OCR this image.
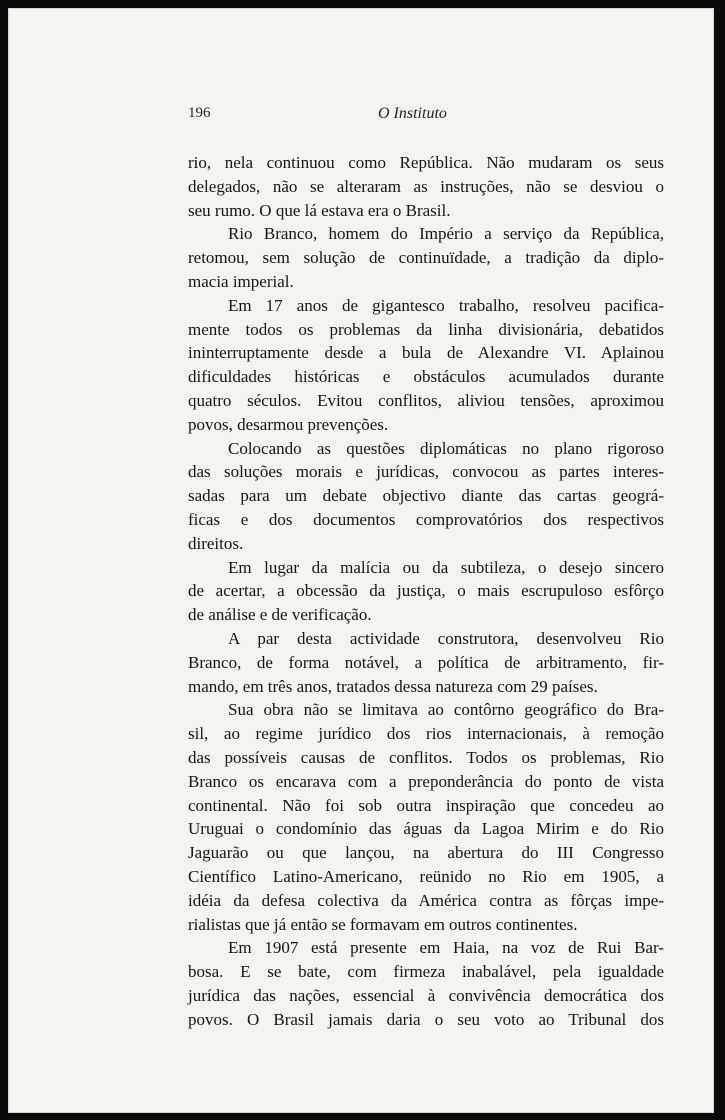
196	O Instituto
rio, nela continuou como República. Não mudaram os seus
delegados, não se alteraram as instruções, não se desviou o
seu rumo. O que lá estava era o Brasil.
Rio Branco, homem do Império a serviço da República,
retomou, sem solução de continuïdade, a tradição da diplo-
macia imperial.
Em 17 anos de gigantesco trabalho, resolveu pacifica-
mente todos os problemas da linha divisionária, debatidos
ininterruptamente desde a bula de Alexandre VI. Aplainou
dificuldades históricas e obstáculos acumulados durante
quatro séculos. Evitou conflitos, aliviou tensões, aproximou
povos, desarmou prevenções.
Colocando as questões diplomáticas no plano rigoroso
das soluções morais e jurídicas, convocou as partes interes-
sadas para um debate objectivo diante das cartas geográ-
ficas e dos documentos comprovatórios dos respectivos
direitos.
Em lugar da malícia ou da subtileza, o desejo sincero
de acertar, a obcessão da justiça, o mais escrupuloso esfôrço
de análise e de verificação.
A par desta actividade construtora, desenvolveu Rio
Branco, de forma notável, a política de arbitramento, fir-
mando, em três anos, tratados dessa natureza com 29 países.
Sua obra não se limitava ao contôrno geográfico do Bra-
sil, ao regime jurídico dos rios internacionais, à remoção
das possíveis causas de conflitos. Todos os problemas, Rio
Branco os encarava com a preponderância do ponto de vista
continental. Não foi sob outra inspiração que concedeu ao
Uruguai o condomínio das águas da Lagoa Mirim e do Rio
Jaguarão ou que lançou, na abertura do III Congresso
Científico Latino-Americano, reünido no Rio em 1905, a
idéia da defesa colectiva da América contra as fôrças impe-
rialistas que já então se formavam em outros continentes.
Em 1907 está presente em Haia, na voz de Rui Bar-
bosa. E se bate, com firmeza inabalável, pela igualdade
jurídica das nações, essencial à convivência democrática dos
povos. O Brasil jamais daria o seu voto ao Tribunal dos
